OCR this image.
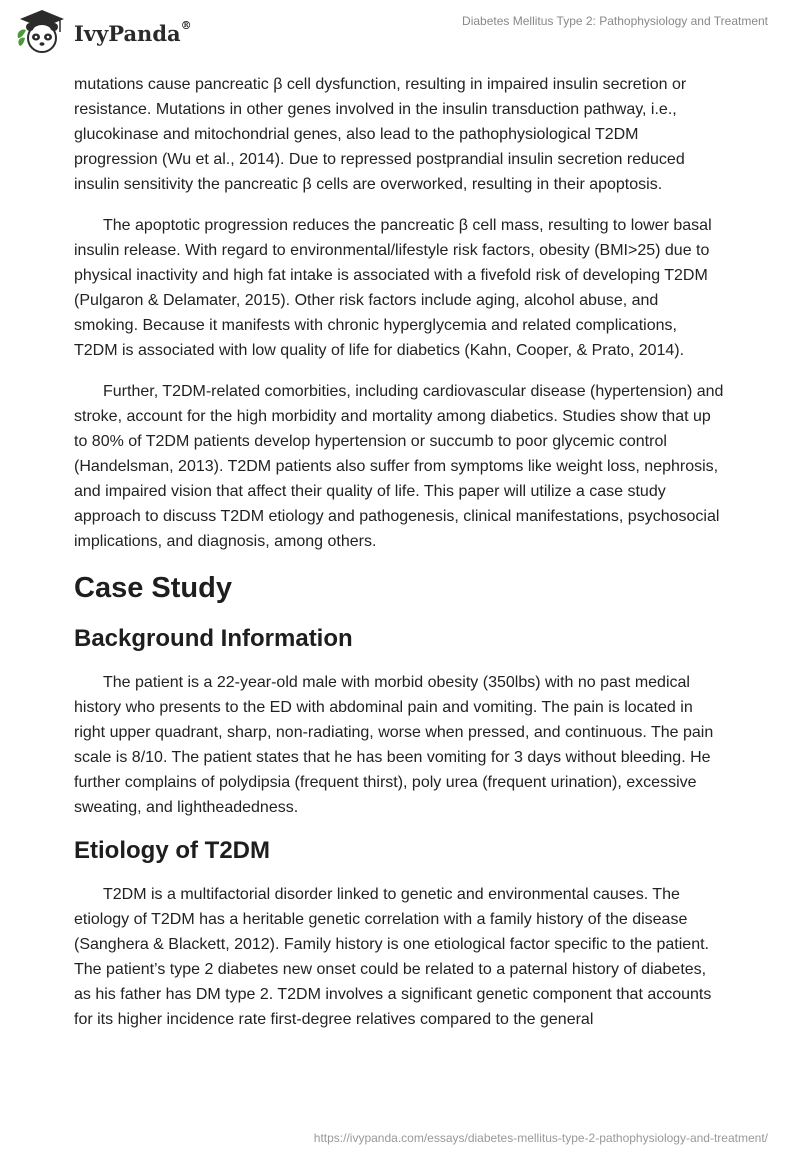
IvyPanda®	Diabetes Mellitus Type 2: Pathophysiology and Treatment

mutations cause pancreatic β cell dysfunction, resulting in impaired insulin secretion or resistance. Mutations in other genes involved in the insulin transduction pathway, i.e., glucokinase and mitochondrial genes, also lead to the pathophysiological T2DM progression (Wu et al., 2014). Due to repressed postprandial insulin secretion reduced insulin sensitivity the pancreatic β cells are overworked, resulting in their apoptosis.

The apoptotic progression reduces the pancreatic β cell mass, resulting to lower basal insulin release. With regard to environmental/lifestyle risk factors, obesity (BMI>25) due to physical inactivity and high fat intake is associated with a fivefold risk of developing T2DM (Pulgaron & Delamater, 2015). Other risk factors include aging, alcohol abuse, and smoking. Because it manifests with chronic hyperglycemia and related complications, T2DM is associated with low quality of life for diabetics (Kahn, Cooper, & Prato, 2014).

Further, T2DM-related comorbities, including cardiovascular disease (hypertension) and stroke, account for the high morbidity and mortality among diabetics. Studies show that up to 80% of T2DM patients develop hypertension or succumb to poor glycemic control (Handelsman, 2013). T2DM patients also suffer from symptoms like weight loss, nephrosis, and impaired vision that affect their quality of life. This paper will utilize a case study approach to discuss T2DM etiology and pathogenesis, clinical manifestations, psychosocial implications, and diagnosis, among others.

Case Study
Background Information

The patient is a 22-year-old male with morbid obesity (350lbs) with no past medical history who presents to the ED with abdominal pain and vomiting. The pain is located in right upper quadrant, sharp, non-radiating, worse when pressed, and continuous. The pain scale is 8/10. The patient states that he has been vomiting for 3 days without bleeding. He further complains of polydipsia (frequent thirst), poly urea (frequent urination), excessive sweating, and lightheadedness.

Etiology of T2DM

T2DM is a multifactorial disorder linked to genetic and environmental causes. The etiology of T2DM has a heritable genetic correlation with a family history of the disease (Sanghera & Blackett, 2012). Family history is one etiological factor specific to the patient. The patient’s type 2 diabetes new onset could be related to a paternal history of diabetes, as his father has DM type 2. T2DM involves a significant genetic component that accounts for its higher incidence rate first-degree relatives compared to the general

https://ivypanda.com/essays/diabetes-mellitus-type-2-pathophysiology-and-treatment/
